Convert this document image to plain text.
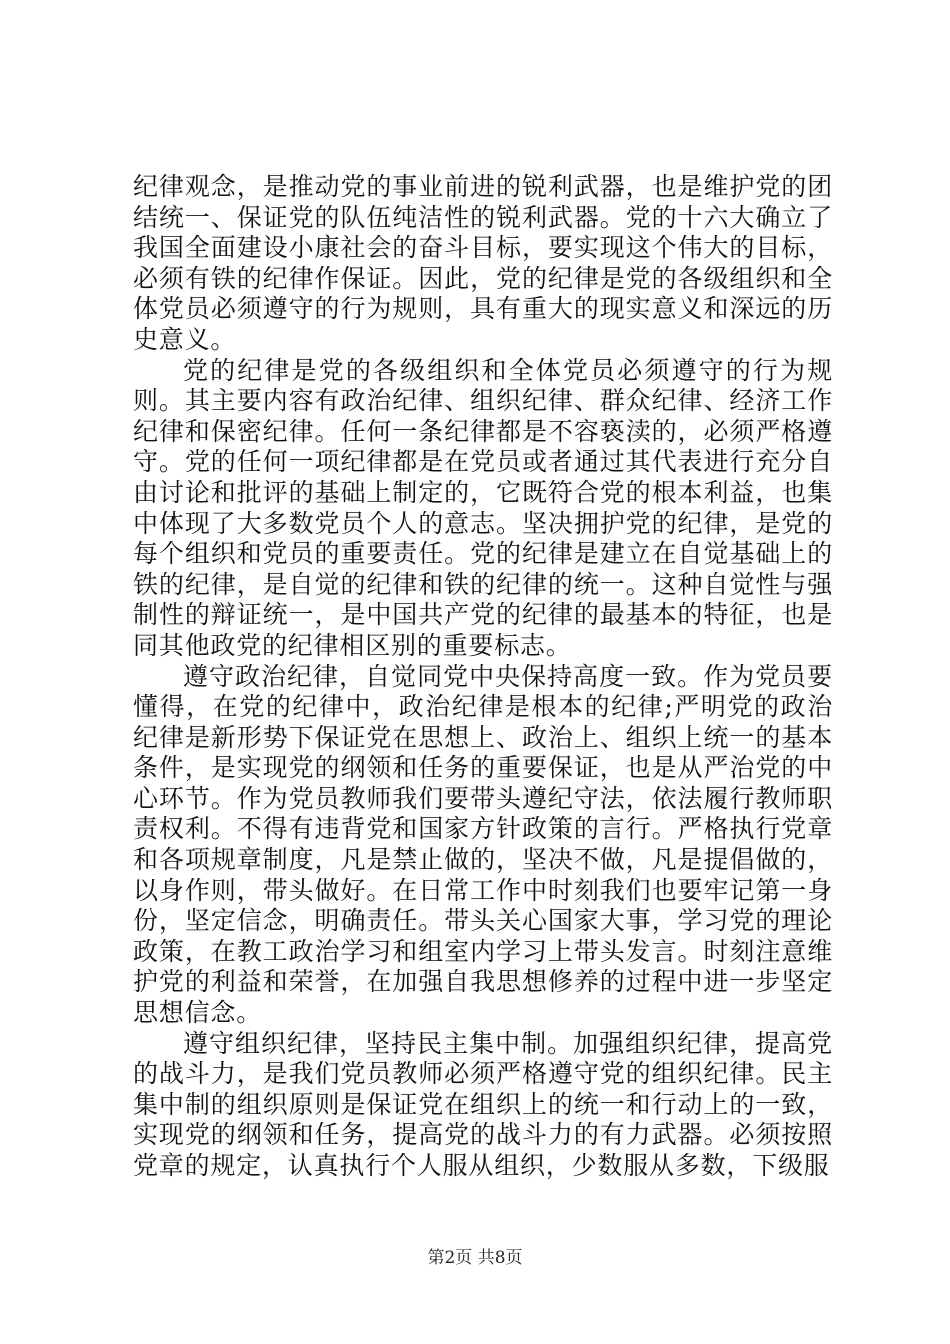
纪律观念，是推动党的事业前进的锐利武器，也是维护党的团结统一、保证党的队伍纯洁性的锐利武器。党的十六大确立了我国全面建设小康社会的奋斗目标，要实现这个伟大的目标，必须有铁的纪律作保证。因此，党的纪律是党的各级组织和全体党员必须遵守的行为规则，具有重大的现实意义和深远的历史意义。

党的纪律是党的各级组织和全体党员必须遵守的行为规则。其主要内容有政治纪律、组织纪律、群众纪律、经济工作纪律和保密纪律。任何一条纪律都是不容亵渎的，必须严格遵守。党的任何一项纪律都是在党员或者通过其代表进行充分自由讨论和批评的基础上制定的，它既符合党的根本利益，也集中体现了大多数党员个人的意志。坚决拥护党的纪律，是党的每个组织和党员的重要责任。党的纪律是建立在自觉基础上的铁的纪律，是自觉的纪律和铁的纪律的统一。这种自觉性与强制性的辩证统一，是中国共产党的纪律的最基本的特征，也是同其他政党的纪律相区别的重要标志。

遵守政治纪律，自觉同党中央保持高度一致。作为党员要懂得，在党的纪律中，政治纪律是根本的纪律;严明党的政治纪律是新形势下保证党在思想上、政治上、组织上统一的基本条件，是实现党的纲领和任务的重要保证，也是从严治党的中心环节。作为党员教师我们要带头遵纪守法，依法履行教师职责权利。不得有违背党和国家方针政策的言行。严格执行党章和各项规章制度，凡是禁止做的，坚决不做，凡是提倡做的，以身作则，带头做好。在日常工作中时刻我们也要牢记第一身份，坚定信念，明确责任。带头关心国家大事，学习党的理论政策，在教工政治学习和组室内学习上带头发言。时刻注意维护党的利益和荣誉，在加强自我思想修养的过程中进一步坚定思想信念。

遵守组织纪律，坚持民主集中制。加强组织纪律，提高党的战斗力，是我们党员教师必须严格遵守党的组织纪律。民主集中制的组织原则是保证党在组织上的统一和行动上的一致，实现党的纲领和任务，提高党的战斗力的有力武器。必须按照党章的规定，认真执行个人服从组织，少数服从多数，下级服

第2页 共8页
